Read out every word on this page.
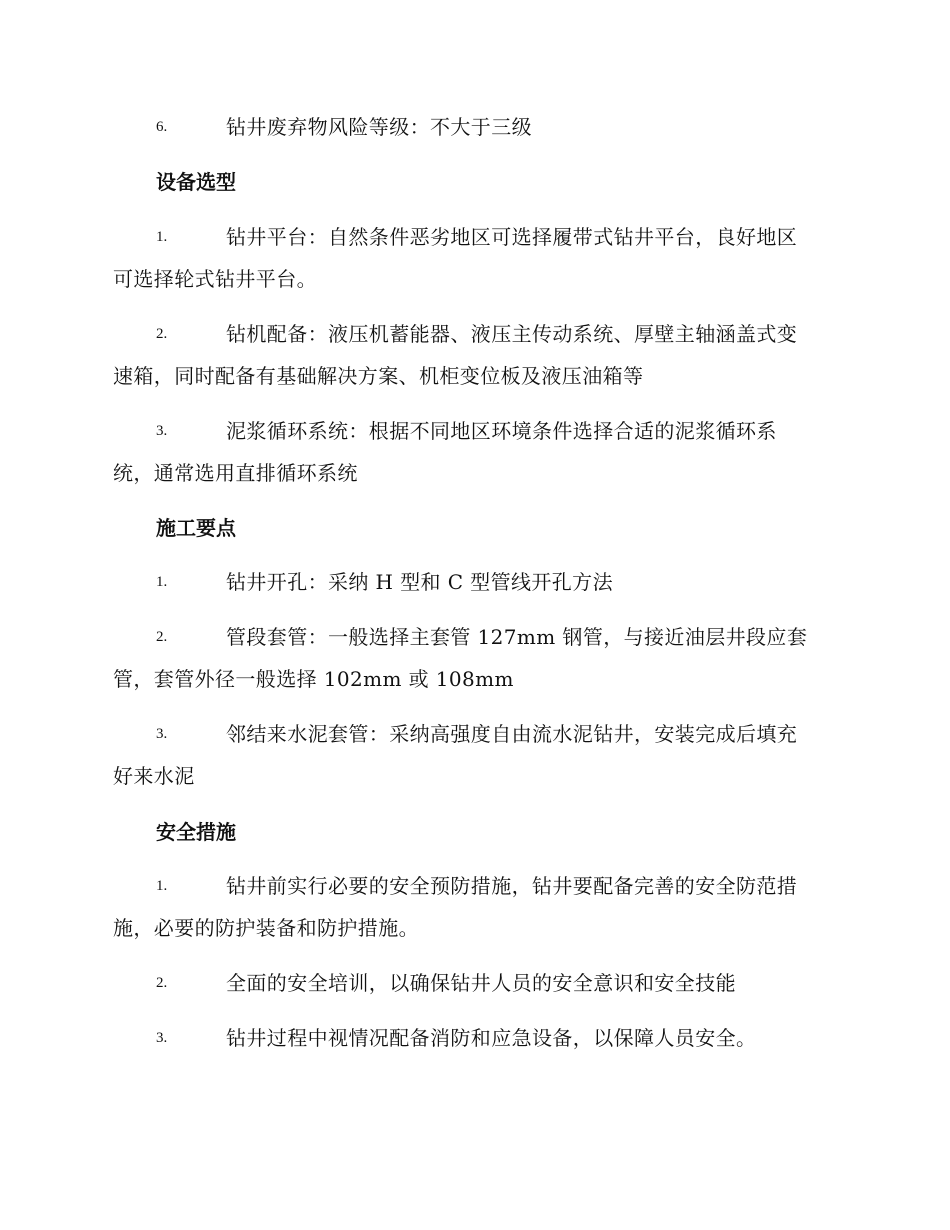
6.	钻井废弃物风险等级：不大于三级
设备选型
1.	钻井平台：自然条件恶劣地区可选择履带式钻井平台，良好地区
可选择轮式钻井平台。
2.	钻机配备：液压机蓄能器、液压主传动系统、厚壁主轴涵盖式变
速箱，同时配备有基础解决方案、机柜变位板及液压油箱等
3.	泥浆循环系统：根据不同地区环境条件选择合适的泥浆循环系
统，通常选用直排循环系统
施工要点
1.	钻井开孔：采纳 H 型和 C 型管线开孔方法
2.	管段套管：一般选择主套管 127mm 钢管，与接近油层井段应套
管，套管外径一般选择 102mm 或 108mm
3.	邻结来水泥套管：采纳高强度自由流水泥钻井，安装完成后填充
好来水泥
安全措施
1.	钻井前实行必要的安全预防措施，钻井要配备完善的安全防范措
施，必要的防护装备和防护措施。
2.	全面的安全培训，以确保钻井人员的安全意识和安全技能
3.	钻井过程中视情况配备消防和应急设备，以保障人员安全。
